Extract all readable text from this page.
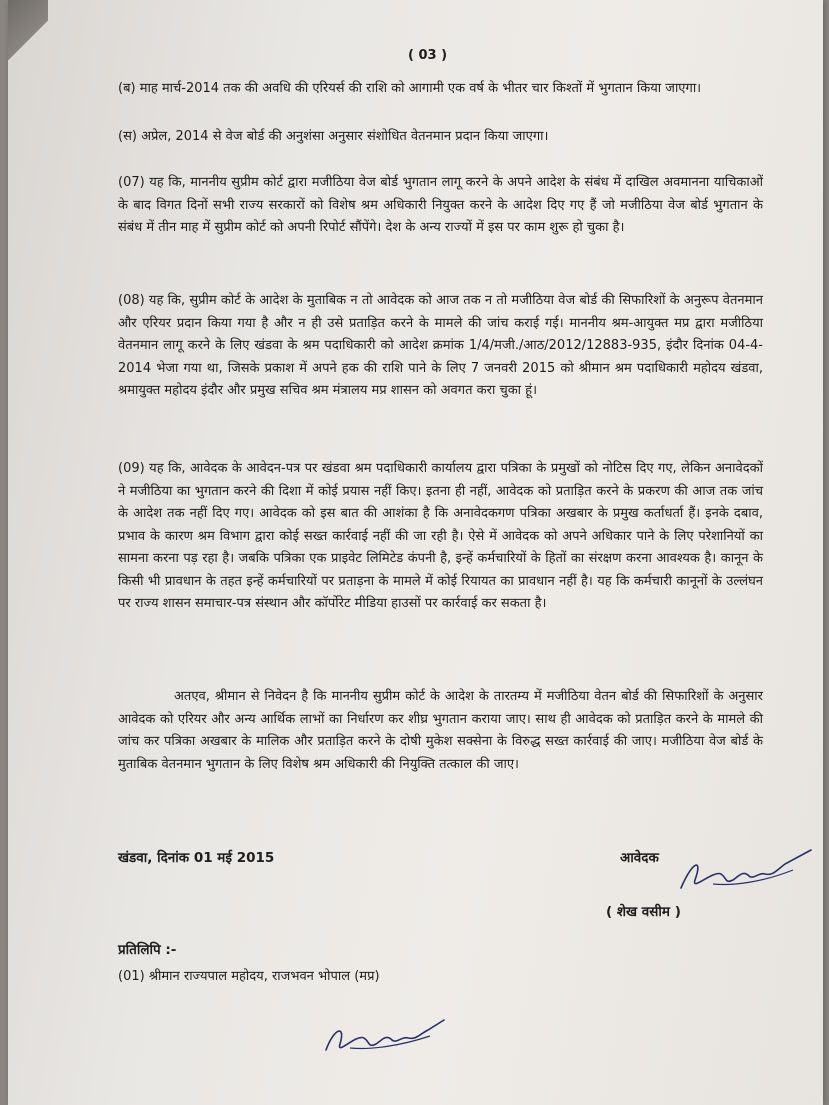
( 03 )
(ब) माह मार्च-2014 तक की अवधि की एरियर्स की राशि को आगामी एक वर्ष के भीतर चार किश्तों में भुगतान किया जाएगा।
(स) अप्रेल, 2014 से वेज बोर्ड की अनुशंसा अनुसार संशोधित वेतनमान प्रदान किया जाएगा।
(07) यह कि, माननीय सुप्रीम कोर्ट द्वारा मजीठिया वेज बोर्ड भुगतान लागू करने के अपने आदेश के संबंध में दाखिल अवमानना याचिकाओं के बाद विगत दिनों सभी राज्य सरकारों को विशेष श्रम अधिकारी नियुक्त करने के आदेश दिए गए हैं जो मजीठिया वेज बोर्ड भुगतान के संबंध में तीन माह में सुप्रीम कोर्ट को अपनी रिपोर्ट सौंपेंगे। देश के अन्य राज्यों में इस पर काम शुरू हो चुका है।
(08) यह कि, सुप्रीम कोर्ट के आदेश के मुताबिक न तो आवेदक को आज तक न तो मजीठिया वेज बोर्ड की सिफारिशों के अनुरूप वेतनमान और एरियर प्रदान किया गया है और न ही उसे प्रताड़ित करने के मामले की जांच कराई गई। माननीय श्रम-आयुक्त मप्र द्वारा मजीठिया वेतनमान लागू करने के लिए खंडवा के श्रम पदाधिकारी को आदेश क्रमांक 1/4/मजी./आठ/2012/12883-935, इंदौर दिनांक 04-4-2014 भेजा गया था, जिसके प्रकाश में अपने हक की राशि पाने के लिए 7 जनवरी 2015 को श्रीमान श्रम पदाधिकारी महोदय खंडवा, श्रमायुक्त महोदय इंदौर और प्रमुख सचिव श्रम मंत्रालय मप्र शासन को अवगत करा चुका हूं।
(09) यह कि, आवेदक के आवेदन-पत्र पर खंडवा श्रम पदाधिकारी कार्यालय द्वारा पत्रिका के प्रमुखों को नोटिस दिए गए, लेकिन अनावेदकों ने मजीठिया का भुगतान करने की दिशा में कोई प्रयास नहीं किए। इतना ही नहीं, आवेदक को प्रताड़ित करने के प्रकरण की आज तक जांच के आदेश तक नहीं दिए गए। आवेदक को इस बात की आशंका है कि अनावेदकगण पत्रिका अखबार के प्रमुख कर्ताधर्ता हैं। इनके दबाव, प्रभाव के कारण श्रम विभाग द्वारा कोई सख्त कार्रवाई नहीं की जा रही है। ऐसे में आवेदक को अपने अधिकार पाने के लिए परेशानियों का सामना करना पड़ रहा है। जबकि पत्रिका एक प्राइवेट लिमिटेड कंपनी है, इन्हें कर्मचारियों के हितों का संरक्षण करना आवश्यक है। कानून के किसी भी प्रावधान के तहत इन्हें कर्मचारियों पर प्रताड़ना के मामले में कोई रियायत का प्रावधान नहीं है। यह कि कर्मचारी कानूनों के उल्लंघन पर राज्य शासन समाचार-पत्र संस्थान और कॉर्पोरेट मीडिया हाउसों पर कार्रवाई कर सकता है।
अतएव, श्रीमान से निवेदन है कि माननीय सुप्रीम कोर्ट के आदेश के तारतम्य में मजीठिया वेतन बोर्ड की सिफारिशों के अनुसार आवेदक को एरियर और अन्य आर्थिक लाभों का निर्धारण कर शीघ्र भुगतान कराया जाए। साथ ही आवेदक को प्रताड़ित करने के मामले की जांच कर पत्रिका अखबार के मालिक और प्रताड़ित करने के दोषी मुकेश सक्सेना के विरुद्ध सख्त कार्रवाई की जाए। मजीठिया वेज बोर्ड के मुताबिक वेतनमान भुगतान के लिए विशेष श्रम अधिकारी की नियुक्ति तत्काल की जाए।
खंडवा, दिनांक 01 मई 2015	आवेदक
( शेख वसीम )
प्रतिलिपि :-
(01) श्रीमान राज्यपाल महोदय, राजभवन भोपाल (मप्र)
